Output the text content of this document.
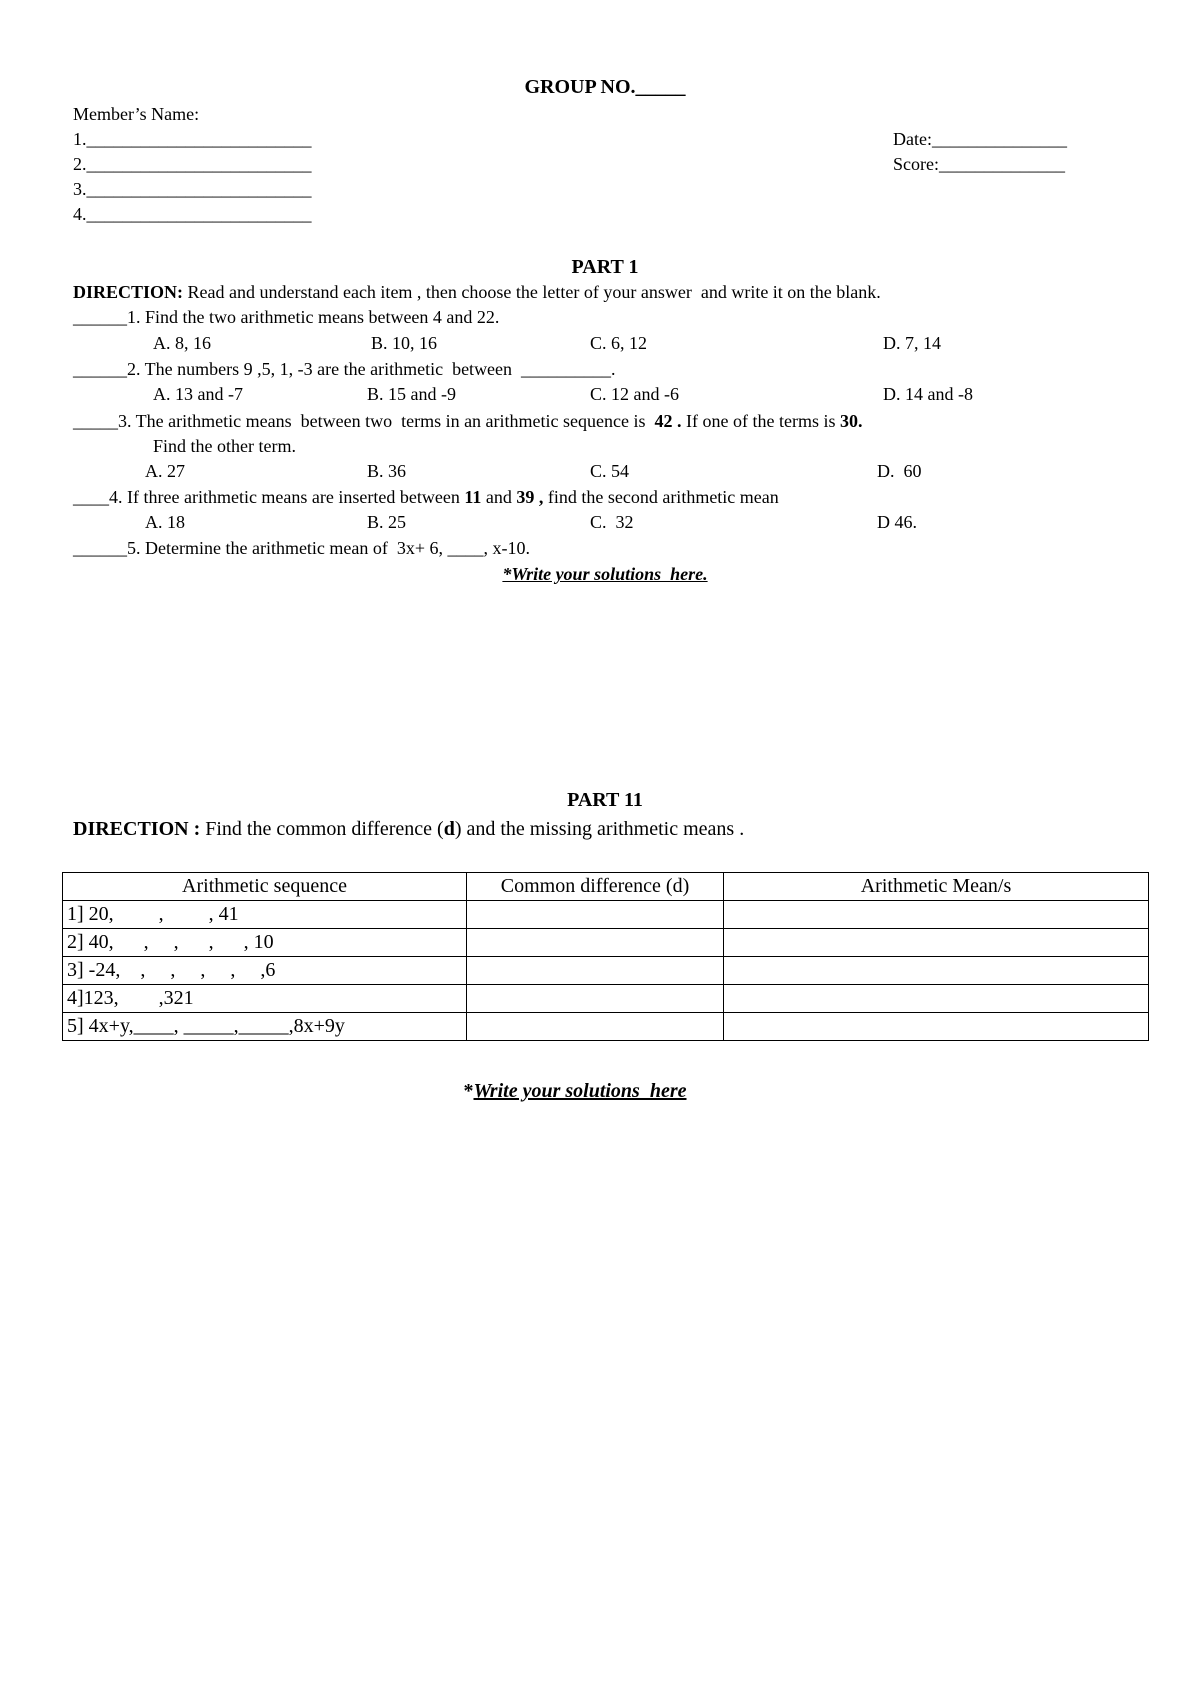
GROUP NO._____
Member’s Name:
1._________________________
2._________________________
3._________________________
4._________________________
Date:_______________
Score:______________
PART 1
DIRECTION: Read and understand each item , then choose the letter of your answer  and write it on the blank.
______1. Find the two arithmetic means between 4 and 22.
A. 8, 16	B. 10, 16	C. 6, 12	D. 7, 14
______2. The numbers 9 ,5, 1, -3 are the arithmetic  between  __________.
A. 13 and -7	B. 15 and -9	C. 12 and -6	D. 14 and -8
_____3. The arithmetic means  between two  terms in an arithmetic sequence is  42 . If one of the terms is 30.
Find the other term.
A. 27	B. 36	C. 54	D.  60
____4. If three arithmetic means are inserted between 11 and 39 , find the second arithmetic mean
A. 18	B. 25	C.  32	D 46.
______5. Determine the arithmetic mean of  3x+ 6, ____, x-10.
*Write your solutions  here.
PART 11
DIRECTION : Find the common difference (d) and the missing arithmetic means .
Arithmetic sequence	Common difference (d)	Arithmetic Mean/s
1] 20,         ,         , 41		
2] 40,      ,     ,      ,      , 10		
3] -24,    ,     ,     ,     ,     ,6		
4]123,        ,321		
5] 4x+y,____, _____,_____,8x+9y		
*Write your solutions  here
